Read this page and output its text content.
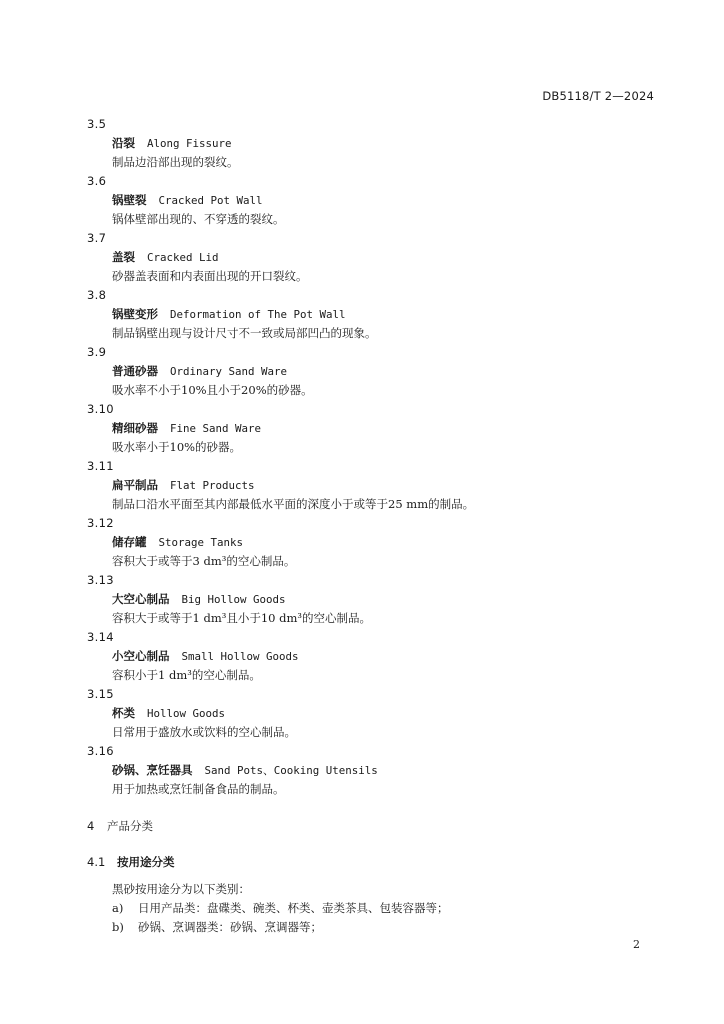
DB5118/T 2—2024
3.5
沿裂 Along Fissure
制品边沿部出现的裂纹。
3.6
锅壁裂 Cracked Pot Wall
锅体壁部出现的、不穿透的裂纹。
3.7
盖裂 Cracked Lid
砂器盖表面和内表面出现的开口裂纹。
3.8
锅壁变形 Deformation of The Pot Wall
制品锅壁出现与设计尺寸不一致或局部凹凸的现象。
3.9
普通砂器 Ordinary Sand Ware
吸水率不小于10%且小于20%的砂器。
3.10
精细砂器 Fine Sand Ware
吸水率小于10%的砂器。
3.11
扁平制品 Flat Products
制品口沿水平面至其内部最低水平面的深度小于或等于25 mm的制品。
3.12
储存罐 Storage Tanks
容积大于或等于3 dm³的空心制品。
3.13
大空心制品 Big Hollow Goods
容积大于或等于1 dm³且小于10 dm³的空心制品。
3.14
小空心制品 Small Hollow Goods
容积小于1 dm³的空心制品。
3.15
杯类 Hollow Goods
日常用于盛放水或饮料的空心制品。
3.16
砂锅、烹饪器具 Sand Pots、Cooking Utensils
用于加热或烹饪制备食品的制品。
4 产品分类
4.1 按用途分类
黑砂按用途分为以下类别：
a) 日用产品类：盘碟类、碗类、杯类、壶类茶具、包装容器等；
b) 砂锅、烹调器类：砂锅、烹调器等；
2
